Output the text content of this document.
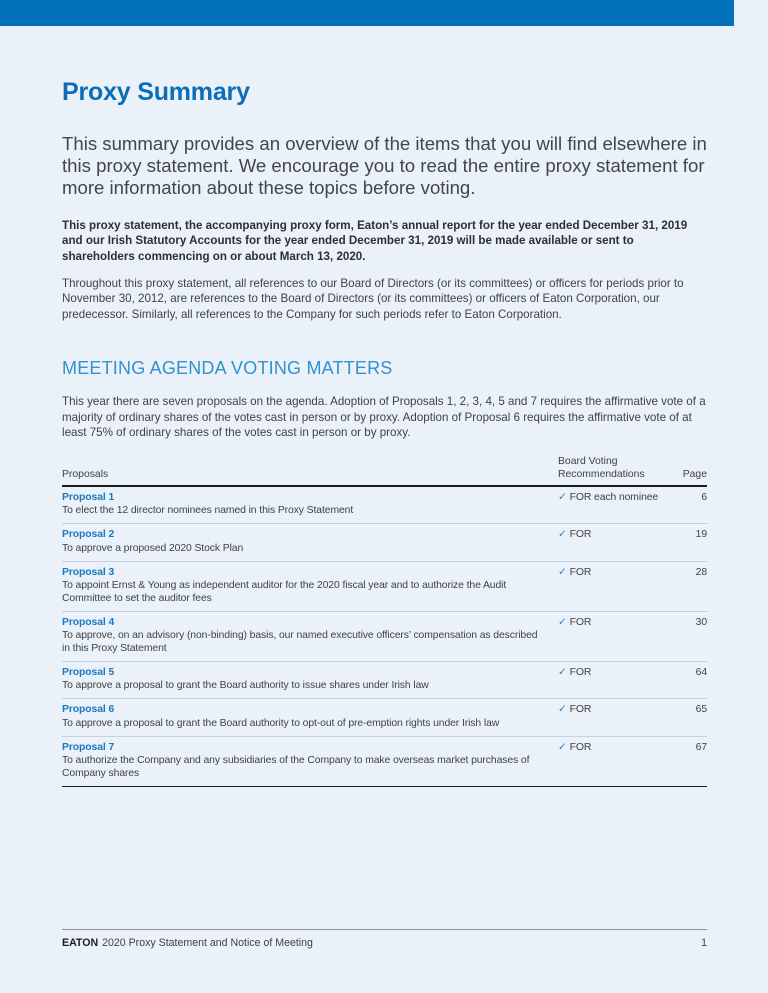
Proxy Summary

This summary provides an overview of the items that you will find elsewhere in this proxy statement. We encourage you to read the entire proxy statement for more information about these topics before voting.

This proxy statement, the accompanying proxy form, Eaton’s annual report for the year ended December 31, 2019 and our Irish Statutory Accounts for the year ended December 31, 2019 will be made available or sent to shareholders commencing on or about March 13, 2020.

Throughout this proxy statement, all references to our Board of Directors (or its committees) or officers for periods prior to November 30, 2012, are references to the Board of Directors (or its committees) or officers of Eaton Corporation, our predecessor. Similarly, all references to the Company for such periods refer to Eaton Corporation.

MEETING AGENDA VOTING MATTERS

This year there are seven proposals on the agenda. Adoption of Proposals 1, 2, 3, 4, 5 and 7 requires the affirmative vote of a majority of ordinary shares of the votes cast in person or by proxy. Adoption of Proposal 6 requires the affirmative vote of at least 75% of ordinary shares of the votes cast in person or by proxy.

Proposals
Board Voting
Recommendations	Page
Proposal 1
To elect the 12 director nominees named in this Proxy Statement
✓ FOR each nominee	6
Proposal 2
To approve a proposed 2020 Stock Plan
✓ FOR	19
Proposal 3
To appoint Ernst & Young as independent auditor for the 2020 fiscal year and to authorize the Audit Committee to set the auditor fees
✓ FOR	28
Proposal 4
To approve, on an advisory (non-binding) basis, our named executive officers’ compensation as described in this Proxy Statement
✓ FOR	30
Proposal 5
To approve a proposal to grant the Board authority to issue shares under Irish law
✓ FOR	64
Proposal 6
To approve a proposal to grant the Board authority to opt-out of pre-emption rights under Irish law
✓ FOR	65
Proposal 7
To authorize the Company and any subsidiaries of the Company to make overseas market purchases of Company shares
✓ FOR	67
EATON 2020 Proxy Statement and Notice of Meeting	1
